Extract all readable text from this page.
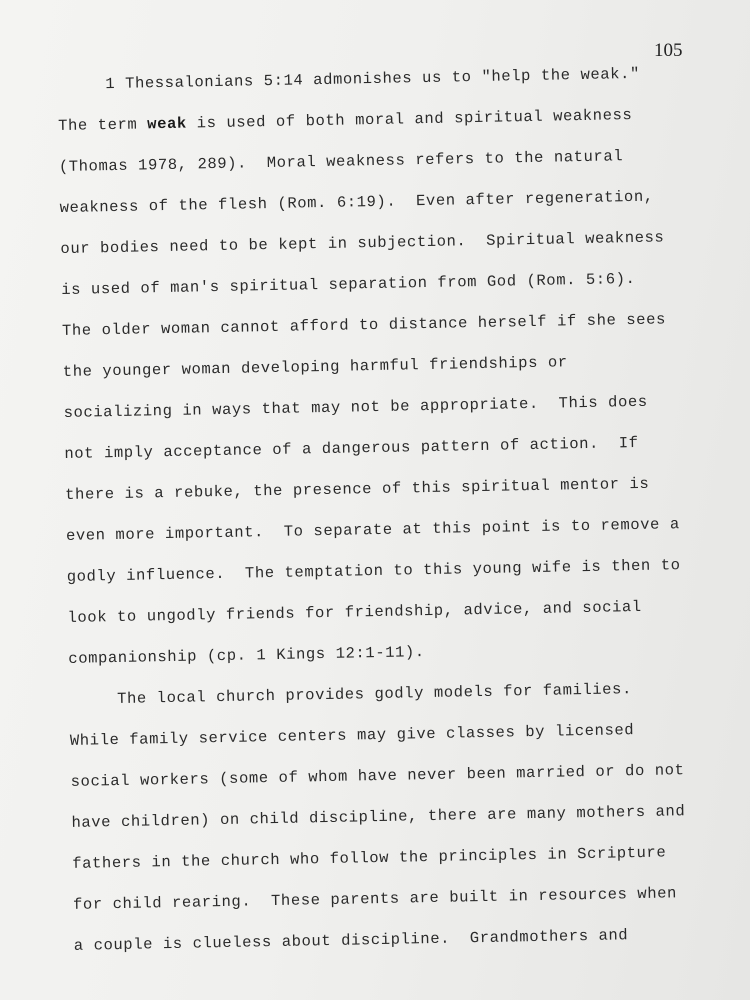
105
1 Thessalonians 5:14 admonishes us to "help the weak."
The term weak is used of both moral and spiritual weakness
(Thomas 1978, 289).  Moral weakness refers to the natural
weakness of the flesh (Rom. 6:19).  Even after regeneration,
our bodies need to be kept in subjection.  Spiritual weakness
is used of man's spiritual separation from God (Rom. 5:6).
The older woman cannot afford to distance herself if she sees
the younger woman developing harmful friendships or
socializing in ways that may not be appropriate.  This does
not imply acceptance of a dangerous pattern of action.  If
there is a rebuke, the presence of this spiritual mentor is
even more important.  To separate at this point is to remove a
godly influence.  The temptation to this young wife is then to
look to ungodly friends for friendship, advice, and social
companionship (cp. 1 Kings 12:1-11).
The local church provides godly models for families.
While family service centers may give classes by licensed
social workers (some of whom have never been married or do not
have children) on child discipline, there are many mothers and
fathers in the church who follow the principles in Scripture
for child rearing.  These parents are built in resources when
a couple is clueless about discipline.  Grandmothers and
